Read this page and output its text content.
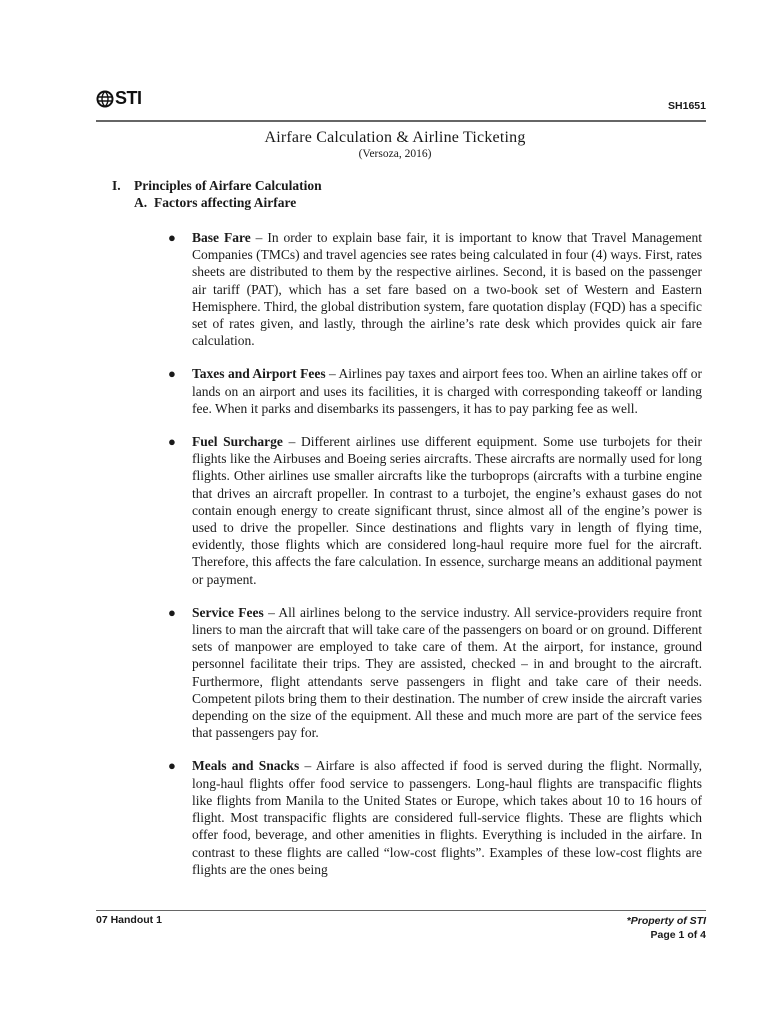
STI	SH1651
Airfare Calculation & Airline Ticketing
(Versoza, 2016)
I. Principles of Airfare Calculation
A. Factors affecting Airfare
● Base Fare – In order to explain base fair, it is important to know that Travel Management Companies (TMCs) and travel agencies see rates being calculated in four (4) ways. First, rates sheets are distributed to them by the respective airlines. Second, it is based on the passenger air tariff (PAT), which has a set fare based on a two-book set of Western and Eastern Hemisphere. Third, the global distribution system, fare quotation display (FQD) has a specific set of rates given, and lastly, through the airline’s rate desk which provides quick air fare calculation.

● Taxes and Airport Fees – Airlines pay taxes and airport fees too. When an airline takes off or lands on an airport and uses its facilities, it is charged with corresponding takeoff or landing fee. When it parks and disembarks its passengers, it has to pay parking fee as well.

● Fuel Surcharge – Different airlines use different equipment. Some use turbojets for their flights like the Airbuses and Boeing series aircrafts. These aircrafts are normally used for long flights. Other airlines use smaller aircrafts like the turboprops (aircrafts with a turbine engine that drives an aircraft propeller. In contrast to a turbojet, the engine’s exhaust gases do not contain enough energy to create significant thrust, since almost all of the engine’s power is used to drive the propeller. Since destinations and flights vary in length of flying time, evidently, those flights which are considered long-haul require more fuel for the aircraft. Therefore, this affects the fare calculation. In essence, surcharge means an additional payment or payment.

● Service Fees – All airlines belong to the service industry. All service-providers require front liners to man the aircraft that will take care of the passengers on board or on ground. Different sets of manpower are employed to take care of them. At the airport, for instance, ground personnel facilitate their trips. They are assisted, checked – in and brought to the aircraft. Furthermore, flight attendants serve passengers in flight and take care of their needs. Competent pilots bring them to their destination. The number of crew inside the aircraft varies depending on the size of the equipment. All these and much more are part of the service fees that passengers pay for.

● Meals and Snacks – Airfare is also affected if food is served during the flight. Normally, long-haul flights offer food service to passengers. Long-haul flights are transpacific flights like flights from Manila to the United States or Europe, which takes about 10 to 16 hours of flight. Most transpacific flights are considered full-service flights. These are flights which offer food, beverage, and other amenities in flights. Everything is included in the airfare. In contrast to these flights are called “low-cost flights”. Examples of these low-cost flights are flights are the ones being

07 Handout 1	*Property of STI
Page 1 of 4
